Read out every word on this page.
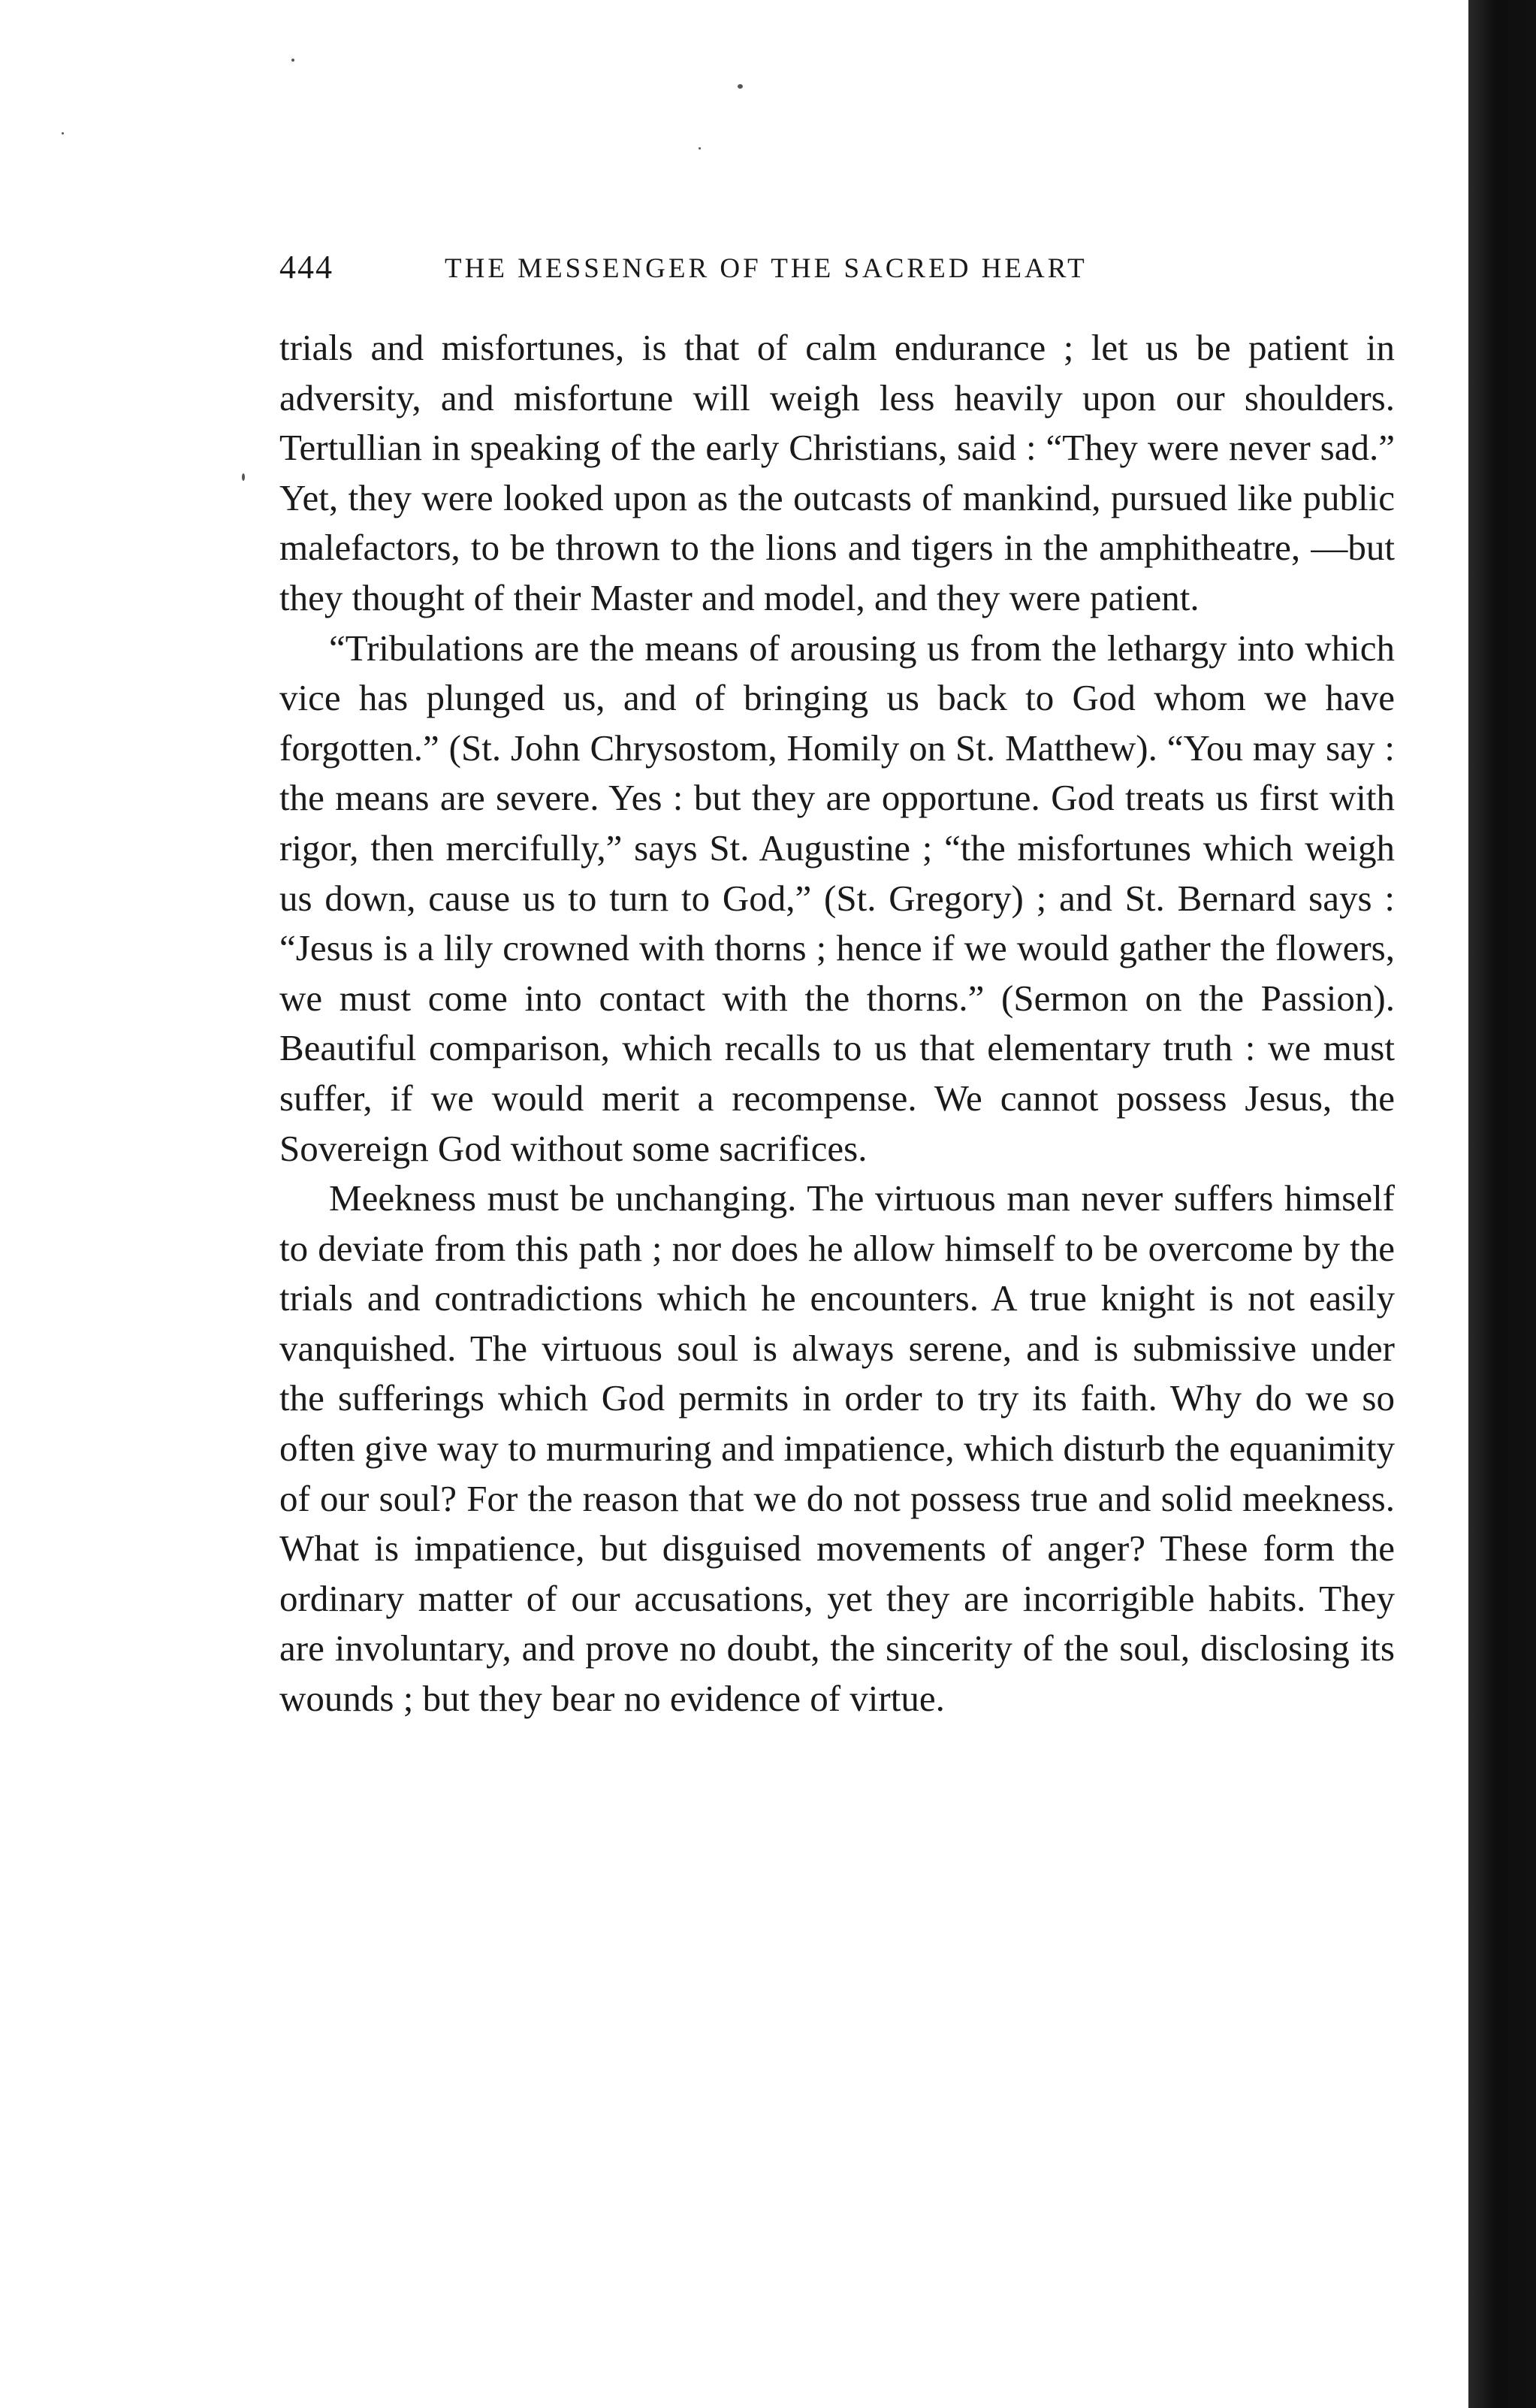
444	THE MESSENGER OF THE SACRED HEART

trials and misfortunes, is that of calm endurance ; let us be patient in adversity, and misfortune will weigh less heavily upon our shoulders. Tertullian in speaking of the early Christians, said : “They were never sad.” Yet, they were looked upon as the outcasts of mankind, pursued like public malefactors, to be thrown to the lions and tigers in the amphitheatre, —but they thought of their Master and model, and they were patient.

“Tribulations are the means of arousing us from the lethargy into which vice has plunged us, and of bringing us back to God whom we have forgotten.” (St. John Chrysostom, Homily on St. Matthew). “You may say : the means are severe. Yes : but they are opportune. God treats us first with rigor, then mercifully,” says St. Augustine ; “the misfortunes which weigh us down, cause us to turn to God,” (St. Gregory) ; and St. Bernard says : “Jesus is a lily crowned with thorns ; hence if we would gather the flowers, we must come into contact with the thorns.” (Sermon on the Passion). Beautiful comparison, which recalls to us that elementary truth : we must suffer, if we would merit a recompense. We cannot possess Jesus, the Sovereign God without some sacrifices.

Meekness must be unchanging. The virtuous man never suffers himself to deviate from this path ; nor does he allow himself to be overcome by the trials and contradictions which he encounters. A true knight is not easily vanquished. The virtuous soul is always serene, and is submissive under the sufferings which God permits in order to try its faith. Why do we so often give way to murmuring and impatience, which disturb the equanimity of our soul? For the reason that we do not possess true and solid meekness. What is impatience, but disguised movements of anger? These form the ordinary matter of our accusations, yet they are incorrigible habits. They are involuntary, and prove no doubt, the sincerity of the soul, disclosing its wounds ; but they bear no evidence of virtue.
